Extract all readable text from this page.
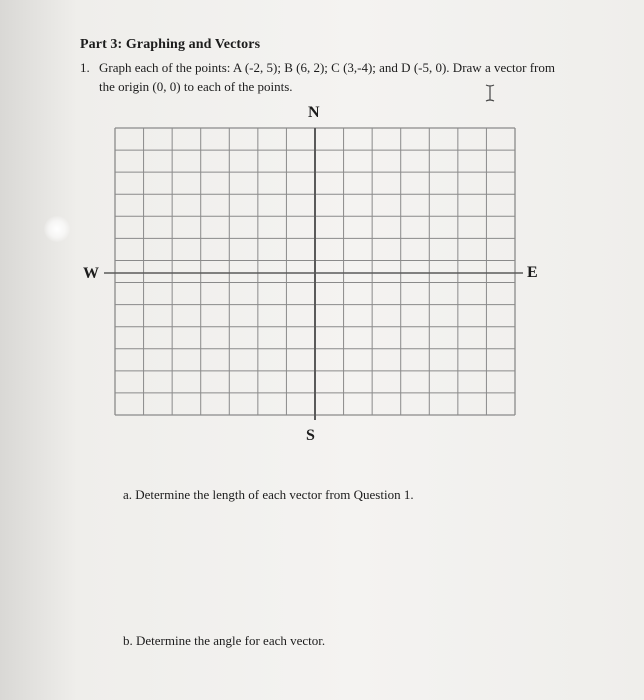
Part 3: Graphing and Vectors
1. Graph each of the points: A (-2, 5); B (6, 2); C (3,-4); and D (-5, 0). Draw a vector from
the origin (0, 0) to each of the points.
N
S
W	E
a. Determine the length of each vector from Question 1.
b. Determine the angle for each vector.
